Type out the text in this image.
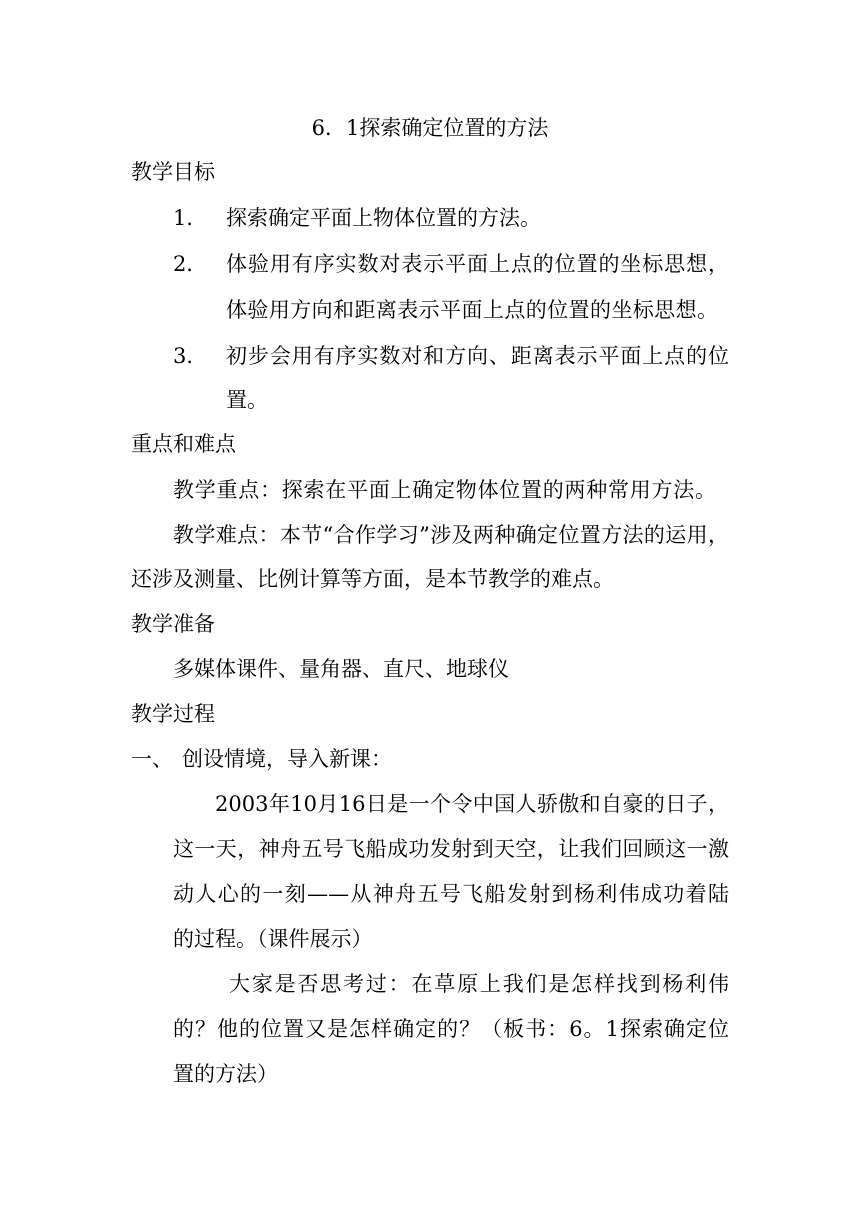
6．1探索确定位置的方法
教学目标
1． 探索确定平面上物体位置的方法。
2． 体验用有序实数对表示平面上点的位置的坐标思想，
体验用方向和距离表示平面上点的位置的坐标思想。
3． 初步会用有序实数对和方向、距离表示平面上点的位
置。
重点和难点
教学重点：探索在平面上确定物体位置的两种常用方法。
教学难点：本节“合作学习”涉及两种确定位置方法的运用，
还涉及测量、比例计算等方面，是本节教学的难点。
教学准备
多媒体课件、量角器、直尺、地球仪
教学过程
一、 创设情境，导入新课：
2003年10月16日是一个令中国人骄傲和自豪的日子，
这一天，神舟五号飞船成功发射到天空，让我们回顾这一激
动人心的一刻——从神舟五号飞船发射到杨利伟成功着陆
的过程。（课件展示）
大家是否思考过：在草原上我们是怎样找到杨利伟
的？他的位置又是怎样确定的？（板书：6。1探索确定位
置的方法）
